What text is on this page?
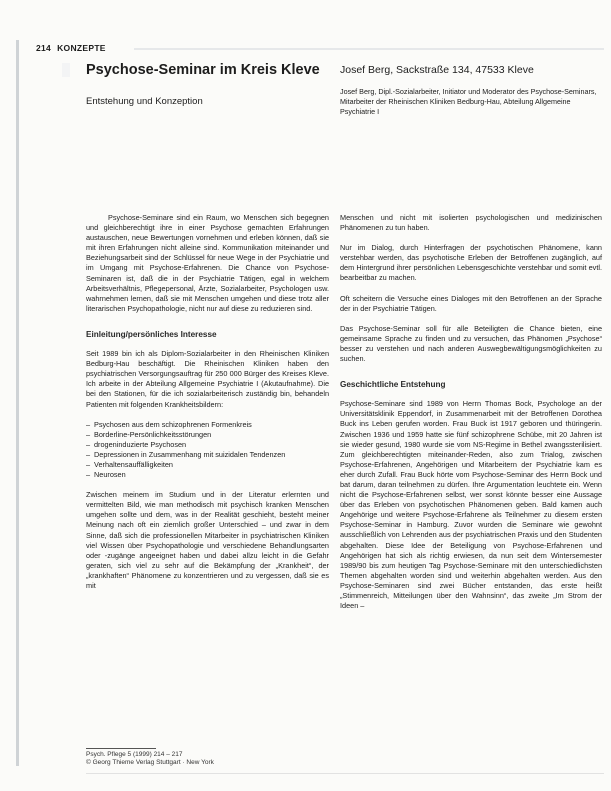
214 KONZEPTE
Psychose-Seminar im Kreis Kleve
Entstehung und Konzeption
Josef Berg, Sackstraße 134, 47533 Kleve
Josef Berg, Dipl.-Sozialarbeiter, Initiator und Moderator des Psychose-Seminars, Mitarbeiter der Rheinischen Kliniken Bedburg-Hau, Abteilung Allgemeine Psychiatrie I

Psychose-Seminare sind ein Raum, wo Menschen sich begegnen und gleichberechtigt ihre in einer Psychose gemachten Erfahrungen austauschen, neue Bewertungen vornehmen und erleben können, daß sie mit ihren Erfahrungen nicht alleine sind. Kommunikation miteinander und Beziehungsarbeit sind der Schlüssel für neue Wege in der Psychiatrie und im Umgang mit Psychose-Erfahrenen. Die Chance von Psychose-Seminaren ist, daß die in der Psychiatrie Tätigen, egal in welchem Arbeitsverhältnis, Pflegepersonal, Ärzte, Sozialarbeiter, Psychologen usw. wahrnehmen lernen, daß sie mit Menschen umgehen und diese trotz aller literarischen Psychopathologie, nicht nur auf diese zu reduzieren sind.

Einleitung/persönliches Interesse

Seit 1989 bin ich als Diplom-Sozialarbeiter in den Rheinischen Kliniken Bedburg-Hau beschäftigt. Die Rheinischen Kliniken haben den psychiatrischen Versorgungsauftrag für 250 000 Bürger des Kreises Kleve. Ich arbeite in der Abteilung Allgemeine Psychiatrie I (Akutaufnahme). Die bei den Stationen, für die ich sozialarbeiterisch zuständig bin, behandeln Patienten mit folgenden Krankheitsbildern:

– Psychosen aus dem schizophrenen Formenkreis
– Borderline-Persönlichkeitsstörungen
– drogeninduzierte Psychosen
– Depressionen in Zusammenhang mit suizidalen Tendenzen
– Verhaltensauffälligkeiten
– Neurosen

Zwischen meinem im Studium und in der Literatur erlernten und vermittelten Bild, wie man methodisch mit psychisch kranken Menschen umgehen sollte und dem, was in der Realität geschieht, besteht meiner Meinung nach oft ein ziemlich großer Unterschied – und zwar in dem Sinne, daß sich die professionellen Mitarbeiter in psychiatrischen Kliniken viel Wissen über Psychopathologie und verschiedene Behandlungsarten oder -zugänge angeeignet haben und dabei allzu leicht in die Gefahr geraten, sich viel zu sehr auf die Bekämpfung der „Krankheit“, der „krankhaften“ Phänomene zu konzentrieren und zu vergessen, daß sie es mit

Menschen und nicht mit isolierten psychologischen und medizinischen Phänomenen zu tun haben.

Nur im Dialog, durch Hinterfragen der psychotischen Phänomene, kann verstehbar werden, das psychotische Erleben der Betroffenen zugänglich, auf dem Hintergrund ihrer persönlichen Lebensgeschichte verstehbar und somit evtl. bearbeitbar zu machen.

Oft scheitern die Versuche eines Dialoges mit den Betroffenen an der Sprache der in der Psychiatrie Tätigen.

Das Psychose-Seminar soll für alle Beteiligten die Chance bieten, eine gemeinsame Sprache zu finden und zu versuchen, das Phänomen „Psychose“ besser zu verstehen und nach anderen Auswegbewältigungsmöglichkeiten zu suchen.

Geschichtliche Entstehung

Psychose-Seminare sind 1989 von Herrn Thomas Bock, Psychologe an der Universitätsklinik Eppendorf, in Zusammenarbeit mit der Betroffenen Dorothea Buck ins Leben gerufen worden. Frau Buck ist 1917 geboren und thüringerin. Zwischen 1936 und 1959 hatte sie fünf schizophrene Schübe, mit 20 Jahren ist sie wieder gesund, 1980 wurde sie vom NS-Regime in Bethel zwangssterilisiert. Zum gleichberechtigten miteinander-Reden, also zum Trialog, zwischen Psychose-Erfahrenen, Angehörigen und Mitarbeitern der Psychiatrie kam es eher durch Zufall. Frau Buck hörte vom Psychose-Seminar des Herrn Bock und bat darum, daran teilnehmen zu dürfen. Ihre Argumentation leuchtete ein. Wenn nicht die Psychose-Erfahrenen selbst, wer sonst könnte besser eine Aussage über das Erleben von psychotischen Phänomenen geben. Bald kamen auch Angehörige und weitere Psychose-Erfahrene als Teilnehmer zu diesem ersten Psychose-Seminar in Hamburg. Zuvor wurden die Seminare wie gewohnt ausschließlich von Lehrenden aus der psychiatrischen Praxis und den Studenten abgehalten. Diese Idee der Beteiligung von Psychose-Erfahrenen und Angehörigen hat sich als richtig erwiesen, da nun seit dem Wintersemester 1989/90 bis zum heutigen Tag Psychose-Seminare mit den unterschiedlichsten Themen abgehalten worden sind und weiterhin abgehalten werden. Aus den Psychose-Seminaren sind zwei Bücher entstanden, das erste heißt „Stimmenreich, Mitteilungen über den Wahnsinn“, das zweite „Im Strom der Ideen –

Psych. Pflege 5 (1999) 214 – 217
© Georg Thieme Verlag Stuttgart · New York
